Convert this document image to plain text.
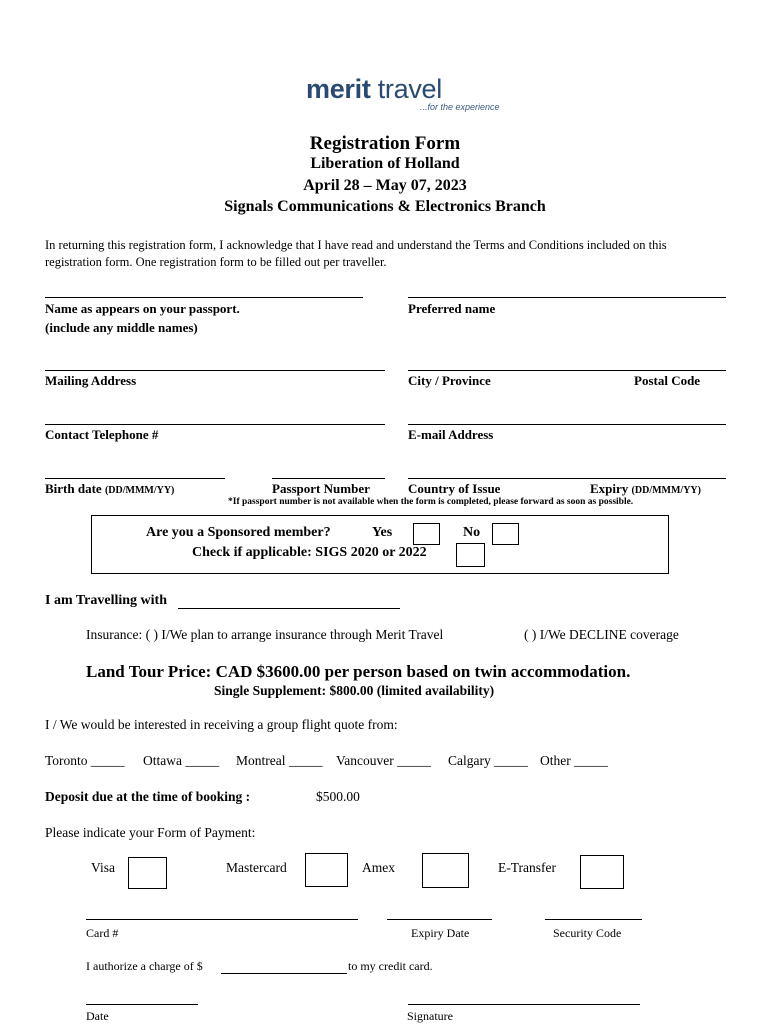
merit travel
...for the experience
Registration Form
Liberation of Holland
April 28 – May 07, 2023
Signals Communications & Electronics Branch
In returning this registration form, I acknowledge that I have read and understand the Terms and Conditions included on this registration form. One registration form to be filled out per traveller.
Name as appears on your passport.
(include any middle names)
Preferred name
Mailing Address	City / Province	Postal Code
Contact Telephone #	E-mail Address
Birth date (DD/MMM/YY)	Passport Number	Country of Issue	Expiry (DD/MMM/YY)
*If passport number is not available when the form is completed, please forward as soon as possible.
Are you a Sponsored member?	Yes	No
Check if applicable: SIGS 2020 or 2022
I am Travelling with
Insurance: ( ) I/We plan to arrange insurance through Merit Travel	( ) I/We DECLINE coverage
Land Tour Price: CAD $3600.00 per person based on twin accommodation.
Single Supplement: $800.00 (limited availability)
I / We would be interested in receiving a group flight quote from:
Toronto _____ Ottawa _____ Montreal _____ Vancouver _____ Calgary _____ Other _____
Deposit due at the time of booking :	$500.00
Please indicate your Form of Payment:
Visa	Mastercard	Amex	E-Transfer
Card #	Expiry Date	Security Code
I authorize a charge of $	to my credit card.
Date	Signature
